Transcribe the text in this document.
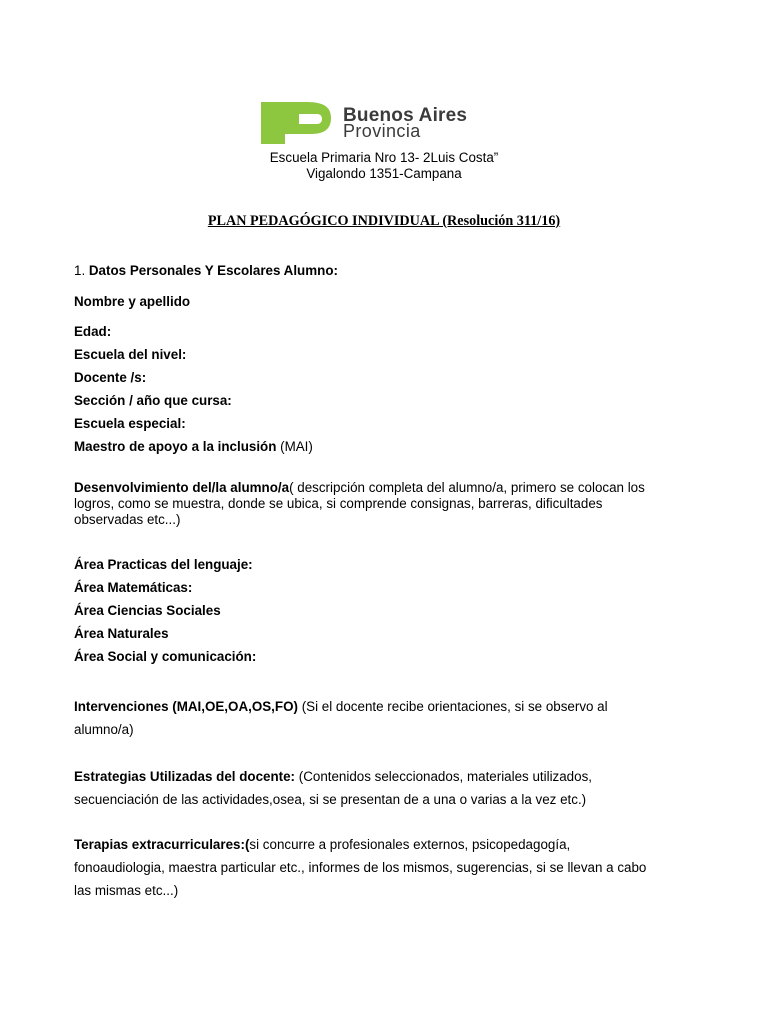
Buenos Aires
Provincia
Escuela Primaria Nro 13- 2Luis Costa”
Vigalondo 1351-Campana
PLAN PEDAGÓGICO INDIVIDUAL (Resolución 311/16)
1. Datos Personales Y Escolares Alumno:
Nombre y apellido
Edad:
Escuela del nivel:
Docente /s:
Sección / año que cursa:
Escuela especial:
Maestro de apoyo a la inclusión (MAI)
Desenvolvimiento del/la alumno/a( descripción completa del alumno/a, primero se colocan los
logros, como se muestra, donde se ubica, si comprende consignas, barreras, dificultades
observadas etc...)
Área Practicas del lenguaje:
Área Matemáticas:
Área Ciencias Sociales
Área Naturales
Área Social y comunicación:
Intervenciones (MAI,OE,OA,OS,FO) (Si el docente recibe orientaciones, si se observo al
alumno/a)
Estrategias Utilizadas del docente: (Contenidos seleccionados, materiales utilizados,
secuenciación de las actividades,osea, si se presentan de a una o varias a la vez etc.)
Terapias extracurriculares:(si concurre a profesionales externos, psicopedagogía,
fonoaudiologia, maestra particular etc., informes de los mismos, sugerencias, si se llevan a cabo
las mismas etc...)
